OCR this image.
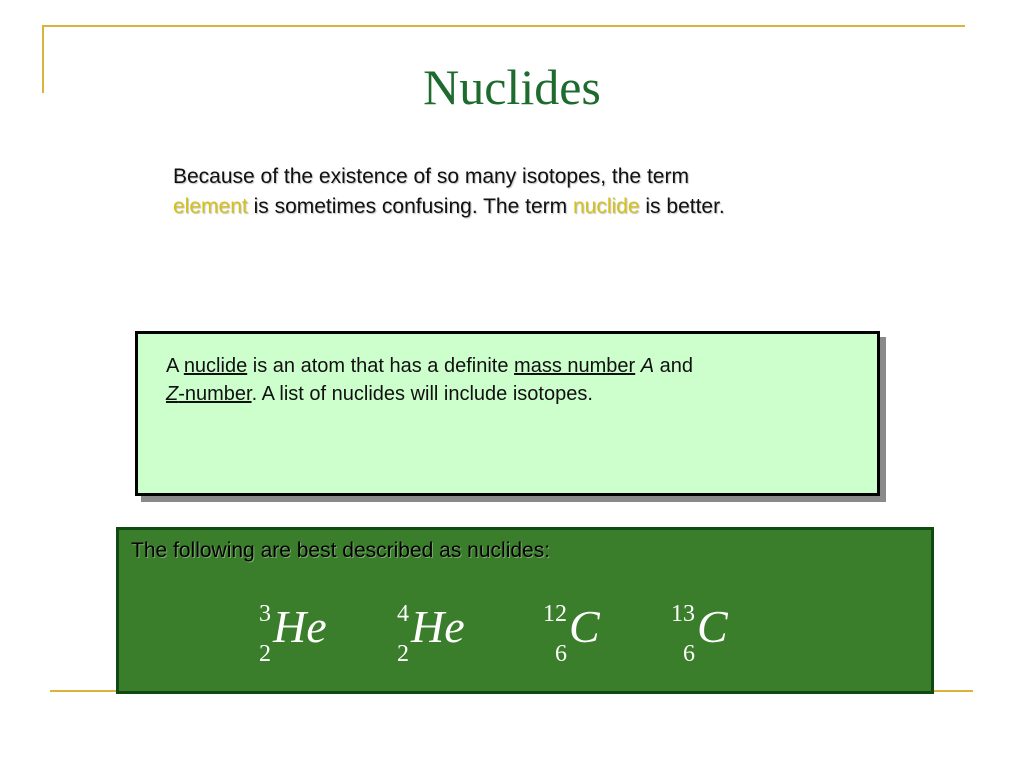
Nuclides
Because of the existence of so many isotopes, the term
element is sometimes confusing. The term nuclide is better.
A nuclide is an atom that has a definite mass number A and
Z-number. A list of nuclides will include isotopes.
The following are best described as nuclides:
3
2
He	4
2
He	12
6
C	13
6
C
